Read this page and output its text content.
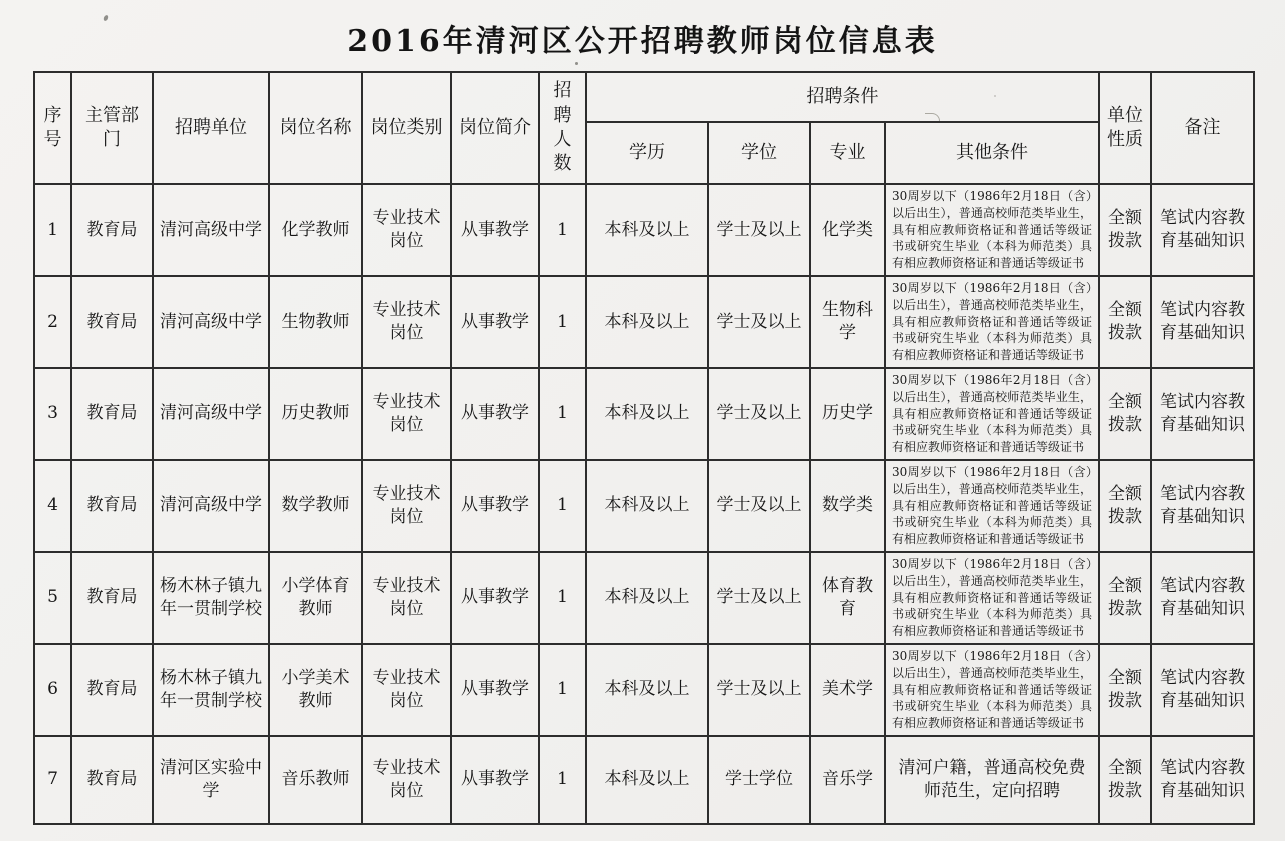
2016年清河区公开招聘教师岗位信息表
序号	主管部门	招聘单位	岗位名称	岗位类别	岗位简介	招聘人数	招聘条件				单位性质	备注
							学历	学位	专业	其他条件		
1	教育局	清河高级中学	化学教师	专业技术岗位	从事教学	1	本科及以上	学士及以上	化学类	30周岁以下（1986年2月18日（含）以后出生），普通高校师范类毕业生，具有相应教师资格证和普通话等级证书或研究生毕业（本科为师范类）具有相应教师资格证和普通话等级证书	全额拨款	笔试内容教育基础知识
2	教育局	清河高级中学	生物教师	专业技术岗位	从事教学	1	本科及以上	学士及以上	生物科学	30周岁以下（1986年2月18日（含）以后出生），普通高校师范类毕业生，具有相应教师资格证和普通话等级证书或研究生毕业（本科为师范类）具有相应教师资格证和普通话等级证书	全额拨款	笔试内容教育基础知识
3	教育局	清河高级中学	历史教师	专业技术岗位	从事教学	1	本科及以上	学士及以上	历史学	30周岁以下（1986年2月18日（含）以后出生），普通高校师范类毕业生，具有相应教师资格证和普通话等级证书或研究生毕业（本科为师范类）具有相应教师资格证和普通话等级证书	全额拨款	笔试内容教育基础知识
4	教育局	清河高级中学	数学教师	专业技术岗位	从事教学	1	本科及以上	学士及以上	数学类	30周岁以下（1986年2月18日（含）以后出生），普通高校师范类毕业生，具有相应教师资格证和普通话等级证书或研究生毕业（本科为师范类）具有相应教师资格证和普通话等级证书	全额拨款	笔试内容教育基础知识
5	教育局	杨木林子镇九年一贯制学校	小学体育教师	专业技术岗位	从事教学	1	本科及以上	学士及以上	体育教育	30周岁以下（1986年2月18日（含）以后出生），普通高校师范类毕业生，具有相应教师资格证和普通话等级证书或研究生毕业（本科为师范类）具有相应教师资格证和普通话等级证书	全额拨款	笔试内容教育基础知识
6	教育局	杨木林子镇九年一贯制学校	小学美术教师	专业技术岗位	从事教学	1	本科及以上	学士及以上	美术学	30周岁以下（1986年2月18日（含）以后出生），普通高校师范类毕业生，具有相应教师资格证和普通话等级证书或研究生毕业（本科为师范类）具有相应教师资格证和普通话等级证书	全额拨款	笔试内容教育基础知识
7	教育局	清河区实验中学	音乐教师	专业技术岗位	从事教学	1	本科及以上	学士学位	音乐学	清河户籍，普通高校免费师范生，定向招聘	全额拨款	笔试内容教育基础知识
